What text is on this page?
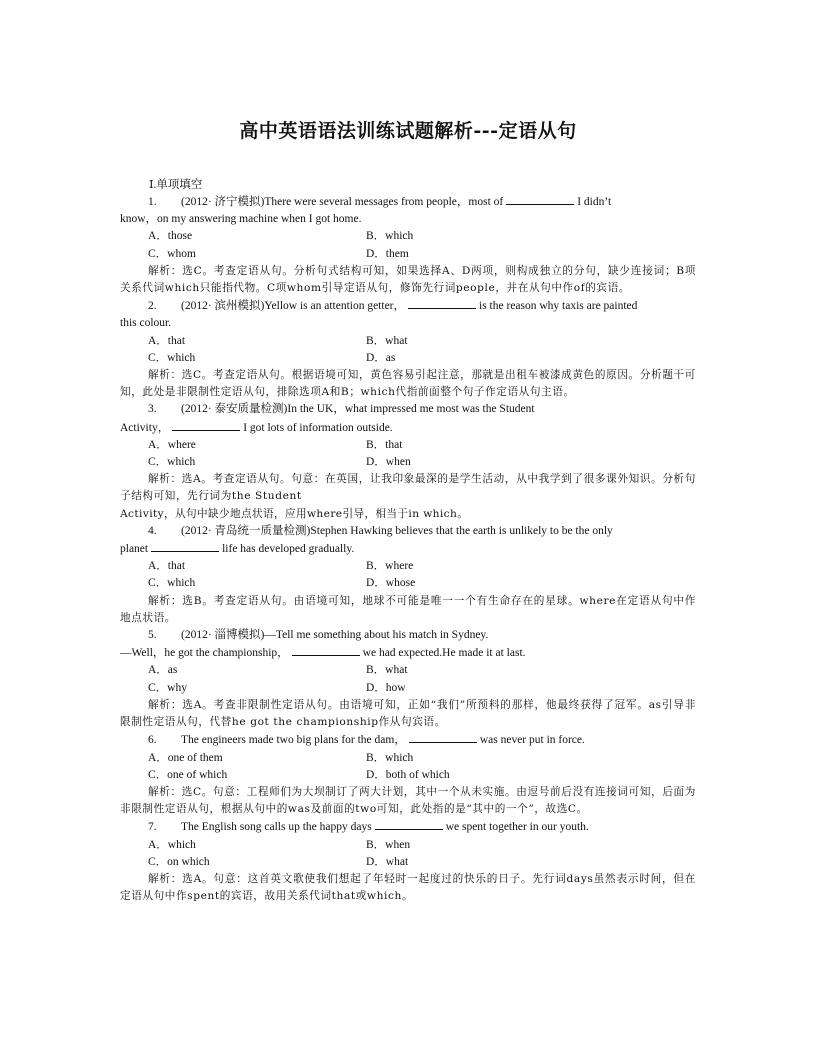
高中英语语法训练试题解析---定语从句
Ⅰ.单项填空
1. (2012· 济宁模拟)There were several messages from people，most of	I didn’t
know，on my answering machine when I got home.
A．those	B．which
C．whom	D．them
解析：选C。考查定语从句。分析句式结构可知，如果选择A、D两项，则构成独立的分句，缺少连接词；B项关系代词which只能指代物。C项whom引导定语从句，修饰先行词people，并在从句中作of的宾语。
2. (2012· 滨州模拟)Yellow is an attention getter，	is the reason why taxis are painted
this colour.
A．that	B．what
C．which	D．as
解析：选C。考查定语从句。根据语境可知，黄色容易引起注意，那就是出租车被漆成黄色的原因。分析题干可知，此处是非限制性定语从句，排除选项A和B；which代指前面整个句子作定语从句主语。
3. (2012· 泰安质量检测)In the UK，what impressed me most was the Student
Activity，	I got lots of information outside.
A．where	B．that
C．which	D．when
解析：选A。考查定语从句。句意：在英国，让我印象最深的是学生活动，从中我学到了很多课外知识。分析句子结构可知，先行词为the Student
Activity，从句中缺少地点状语，应用where引导，相当于in which。
4. (2012· 青岛统一质量检测)Stephen Hawking believes that the earth is unlikely to be the only
planet	life has developed gradually.
A．that	B．where
C．which	D．whose
解析：选B。考查定语从句。由语境可知，地球不可能是唯一一个有生命存在的星球。where在定语从句中作地点状语。
5. (2012· 淄博模拟)—Tell me something about his match in Sydney.
—Well，he got the championship，	we had expected.He made it at last.
A．as	B．what
C．why	D．how
解析：选A。考查非限制性定语从句。由语境可知，正如“我们”所预料的那样，他最终获得了冠军。as引导非限制性定语从句，代替he got the championship作从句宾语。
6. The engineers made two big plans for the dam，	was never put in force.
A．one of them	B．which
C．one of which	D．both of which
解析：选C。句意：工程师们为大坝制订了两大计划，其中一个从未实施。由逗号前后没有连接词可知，后面为非限制性定语从句，根据从句中的was及前面的two可知，此处指的是“其中的一个”，故选C。
7. The English song calls up the happy days	we spent together in our youth.
A．which	B．when
C．on which	D．what
解析：选A。句意：这首英文歌使我们想起了年轻时一起度过的快乐的日子。先行词days虽然表示时间，但在定语从句中作spent的宾语，故用关系代词that或which。
